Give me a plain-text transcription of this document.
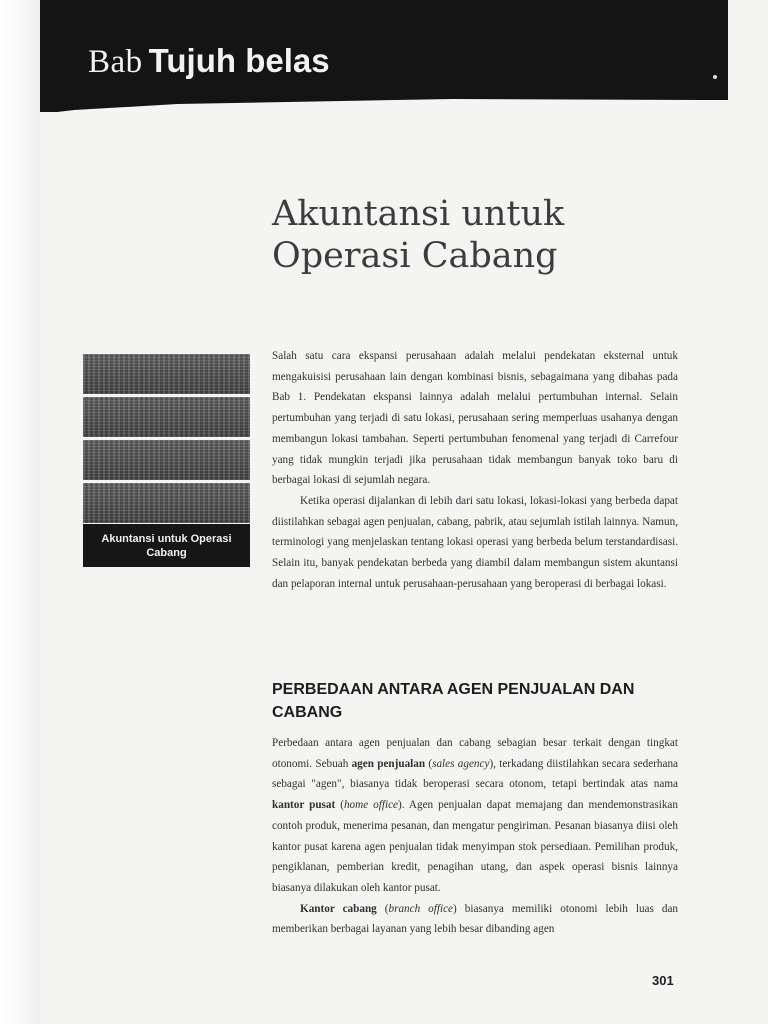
Bab Tujuh belas
Akuntansi untuk
Operasi Cabang
Akuntansi untuk Operasi Cabang

Salah satu cara ekspansi perusahaan adalah melalui pendekatan eksternal untuk mengakuisisi perusahaan lain dengan kombinasi bisnis, sebagaimana yang dibahas pada Bab 1. Pendekatan ekspansi lainnya adalah melalui pertumbuhan internal. Selain pertumbuhan yang terjadi di satu lokasi, perusahaan sering memperluas usahanya dengan membangun lokasi tambahan. Seperti pertumbuhan fenomenal yang terjadi di Carrefour yang tidak mungkin terjadi jika perusahaan tidak membangun banyak toko baru di berbagai lokasi di sejumlah negara.

Ketika operasi dijalankan di lebih dari satu lokasi, lokasi-lokasi yang berbeda dapat diistilahkan sebagai agen penjualan, cabang, pabrik, atau sejumlah istilah lainnya. Namun, terminologi yang menjelaskan tentang lokasi operasi yang berbeda belum terstandardisasi. Selain itu, banyak pendekatan berbeda yang diambil dalam membangun sistem akuntansi dan pelaporan internal untuk perusahaan-perusahaan yang beroperasi di berbagai lokasi.

PERBEDAAN ANTARA AGEN PENJUALAN DAN CABANG

Perbedaan antara agen penjualan dan cabang sebagian besar terkait dengan tingkat otonomi. Sebuah agen penjualan (sales agency), terkadang diistilahkan secara sederhana sebagai "agen", biasanya tidak beroperasi secara otonom, tetapi bertindak atas nama kantor pusat (home office). Agen penjualan dapat memajang dan mendemonstrasikan contoh produk, menerima pesanan, dan mengatur pengiriman. Pesanan biasanya diisi oleh kantor pusat karena agen penjualan tidak menyimpan stok persediaan. Pemilihan produk, pengiklanan, pemberian kredit, penagihan utang, dan aspek operasi bisnis lainnya biasanya dilakukan oleh kantor pusat.

Kantor cabang (branch office) biasanya memiliki otonomi lebih luas dan memberikan berbagai layanan yang lebih besar dibanding agen

301
